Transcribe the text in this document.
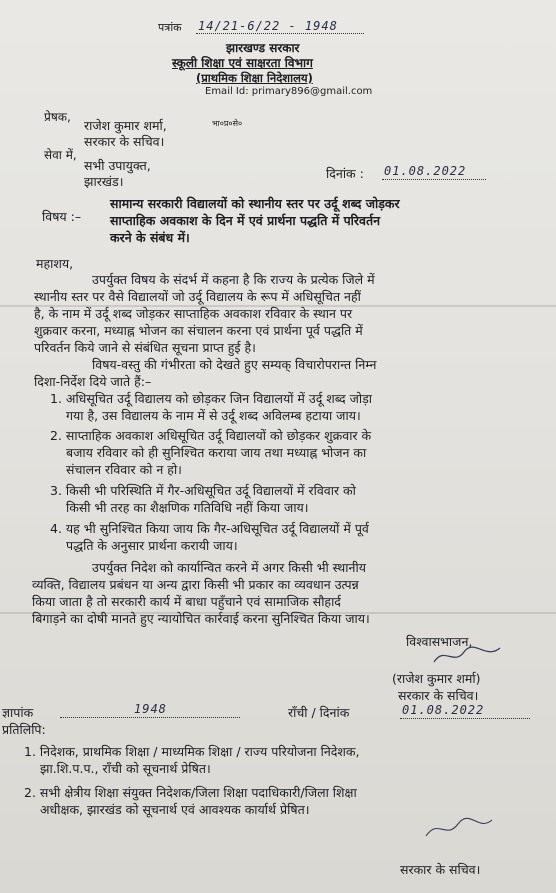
पत्रांक 14/21-6/22 - 1948
झारखण्ड सरकार
स्कूली शिक्षा एवं साक्षरता विभाग
(प्राथमिक शिक्षा निदेशालय)
Email Id: primary896@gmail.com
प्रेषक,
राजेश कुमार शर्मा,	भा०प्र०से०
सरकार के सचिव।
सेवा में,
सभी उपायुक्त,
झारखंड।
दिनांक : 01.08.2022
विषय :–
सामान्य सरकारी विद्यालयों को स्थानीय स्तर पर उर्दू शब्द जोड़कर
साप्ताहिक अवकाश के दिन में एवं प्रार्थना पद्धति में परिवर्तन
करने के संबंध में।
महाशय,
उपर्युक्त विषय के संदर्भ में कहना है कि राज्य के प्रत्येक जिले में
स्थानीय स्तर पर वैसे विद्यालयों जो उर्दू विद्यालय के रूप में अधिसूचित नहीं
है, के नाम में उर्दू शब्द जोड़कर साप्ताहिक अवकाश रविवार के स्थान पर
शुक्रवार करना, मध्याह्न भोजन का संचालन करना एवं प्रार्थना पूर्व पद्धति में
परिवर्तन किये जाने से संबंधित सूचना प्राप्त हुई है।
विषय-वस्तु की गंभीरता को देखते हुए सम्यक् विचारोपरान्त निम्न
दिशा-निर्देश दिये जाते हैं:–
1. अधिसूचित उर्दू विद्यालय को छोड़कर जिन विद्यालयों में उर्दू शब्द जोड़ा
गया है, उस विद्यालय के नाम में से उर्दू शब्द अविलम्ब हटाया जाय।
2. साप्ताहिक अवकाश अधिसूचित उर्दू विद्यालयों को छोड़कर शुक्रवार के
बजाय रविवार को ही सुनिश्चित कराया जाय तथा मध्याह्न भोजन का
संचालन रविवार को न हो।
3. किसी भी परिस्थिति में गैर-अधिसूचित उर्दू विद्यालयों में रविवार को
किसी भी तरह का शैक्षणिक गतिविधि नहीं किया जाय।
4. यह भी सुनिश्चित किया जाय कि गैर-अधिसूचित उर्दू विद्यालयों में पूर्व
पद्धति के अनुसार प्रार्थना करायी जाय।
उपर्युक्त निदेश को कार्यान्वित करने में अगर किसी भी स्थानीय
व्यक्ति, विद्यालय प्रबंधन या अन्य द्वारा किसी भी प्रकार का व्यवधान उत्पन्न
किया जाता है तो सरकारी कार्य में बाधा पहुँचाने एवं सामाजिक सौहार्द
बिगाड़ने का दोषी मानते हुए न्यायोचित कार्रवाई करना सुनिश्चित किया जाय।
विश्वासभाजन,
(राजेश कुमार शर्मा)
सरकार के सचिव।
ज्ञापांक	1948	राँची / दिनांक	01.08.2022
प्रतिलिपि:
1. निदेशक, प्राथमिक शिक्षा / माध्यमिक शिक्षा / राज्य परियोजना निदेशक,
झा.शि.प.प., राँची को सूचनार्थ प्रेषित।
2. सभी क्षेत्रीय शिक्षा संयुक्त निदेशक/जिला शिक्षा पदाधिकारी/जिला शिक्षा
अधीक्षक, झारखंड को सूचनार्थ एवं आवश्यक कार्यार्थ प्रेषित।
सरकार के सचिव।
